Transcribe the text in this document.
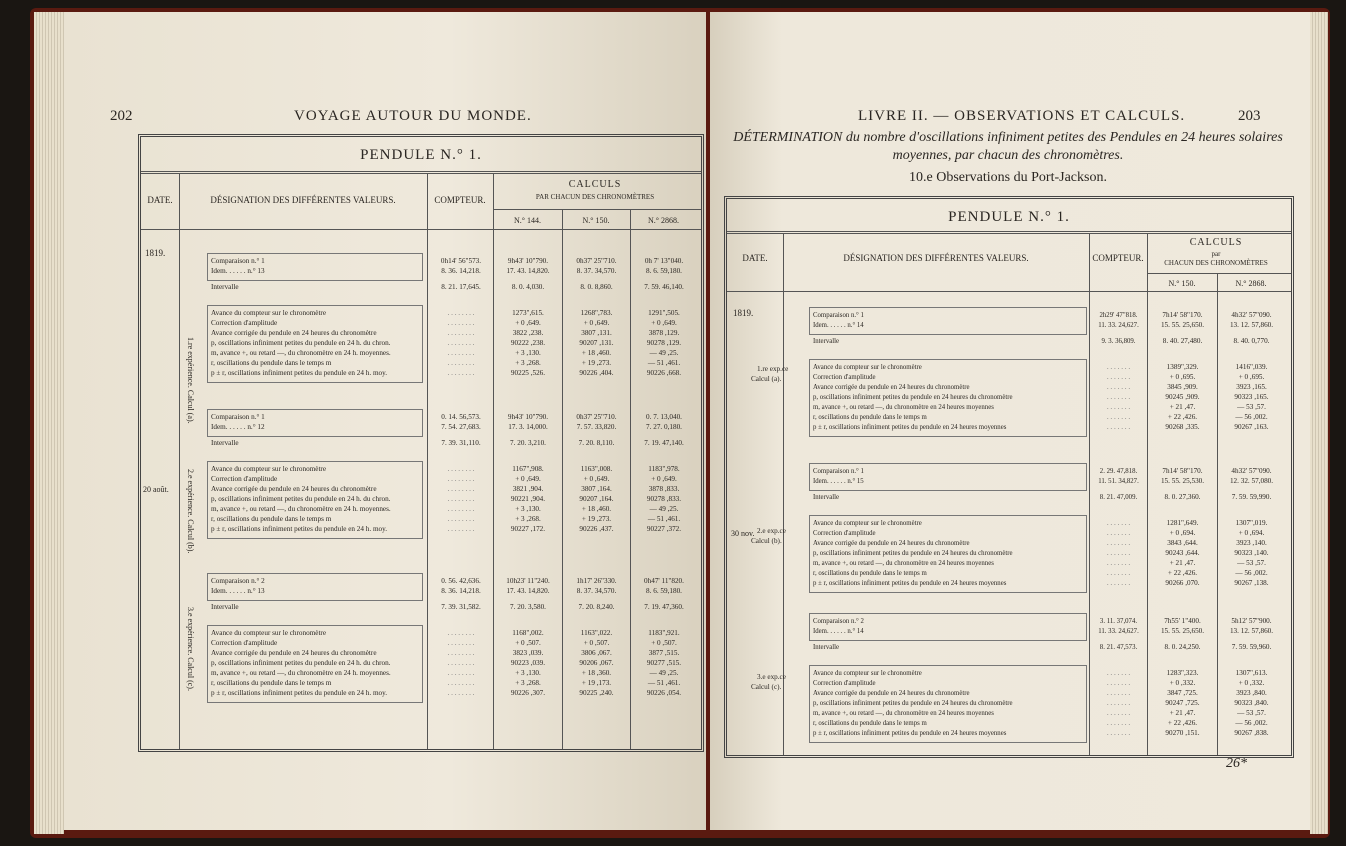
202	VOYAGE AUTOUR DU MONDE.
PENDULE N.° 1.
DATE.	DÉSIGNATION DES DIFFÉRENTES VALEURS.	COMPTEUR.
CALCULS
PAR CHACUN DES CHRONOMÈTRES
N.° 144.	N.° 150.	N.° 2868.
1819.
20 août.
1.re expérience. Calcul (a).
2.e expérience. Calcul (b).
3.e expérience. Calcul (c).
Comparaison n.° 1	0h14' 56"573.	9h43' 10"790.	0h37' 25"710.	0h 7' 13"040.
Idem. . . . . . n.° 13	8. 36. 14,218.	17. 43. 14,820.	8. 37. 34,570.	8. 6. 59,180.
Intervalle	8. 21. 17,645.	8. 0. 4,030.	8. 0. 8,860.	7. 59. 46,140.
Avance du compteur sur le chronomètre	. . . . . . . .	1273",615.	1268",783.	1291",505.
Correction d'amplitude	. . . . . . . .	+ 0 ,649.	+ 0 ,649.	+ 0 ,649.
Avance corrigée du pendule en 24 heures du chronomètre	. . . . . . . .	3822 ,238.	3807 ,131.	3878 ,129.
p, oscillations infiniment petites du pendule en 24 h. du chron.	. . . . . . . .	90222 ,238.	90207 ,131.	90278 ,129.
m, avance +, ou retard —, du chronomètre en 24 h. moyennes.	. . . . . . . .	+ 3 ,130.	+ 18 ,460.	— 49 ,25.
r, oscillations du pendule dans le temps m	. . . . . . . .	+ 3 ,268.	+ 19 ,273.	— 51 ,461.
p ± r, oscillations infiniment petites du pendule en 24 h. moy.	. . . . . . . .	90225 ,526.	90226 ,404.	90226 ,668.
Comparaison n.° 1	0. 14. 56,573.	9h43' 10"790.	0h37' 25"710.	0. 7. 13,040.
Idem. . . . . . n.° 12	7. 54. 27,683.	17. 3. 14,000.	7. 57. 33,820.	7. 27. 0,180.
Intervalle	7. 39. 31,110.	7. 20. 3,210.	7. 20. 8,110.	7. 19. 47,140.
Avance du compteur sur le chronomètre	. . . . . . . .	1167",908.	1163",008.	1183",978.
Correction d'amplitude	. . . . . . . .	+ 0 ,649.	+ 0 ,649.	+ 0 ,649.
Avance corrigée du pendule en 24 heures du chronomètre	. . . . . . . .	3821 ,904.	3807 ,164.	3878 ,833.
p, oscillations infiniment petites du pendule en 24 h. du chron.	. . . . . . . .	90221 ,904.	90207 ,164.	90278 ,833.
m, avance +, ou retard —, du chronomètre en 24 h. moyennes.	. . . . . . . .	+ 3 ,130.	+ 18 ,460.	— 49 ,25.
r, oscillations du pendule dans le temps m	. . . . . . . .	+ 3 ,268.	+ 19 ,273.	— 51 ,461.
p ± r, oscillations infiniment petites du pendule en 24 h. moy.	. . . . . . . .	90227 ,172.	90226 ,437.	90227 ,372.
Comparaison n.° 2	0. 56. 42,636.	10h23' 11"240.	1h17' 26"330.	0h47' 11"820.
Idem. . . . . . n.° 13	8. 36. 14,218.	17. 43. 14,820.	8. 37. 34,570.	8. 6. 59,180.
Intervalle	7. 39. 31,582.	7. 20. 3,580.	7. 20. 8,240.	7. 19. 47,360.
Avance du compteur sur le chronomètre	. . . . . . . .	1168",002.	1163",022.	1183",921.
Correction d'amplitude	. . . . . . . .	+ 0 ,507.	+ 0 ,507.	+ 0 ,507.
Avance corrigée du pendule en 24 heures du chronomètre	. . . . . . . .	3823 ,039.	3806 ,067.	3877 ,515.
p, oscillations infiniment petites du pendule en 24 h. du chron.	. . . . . . . .	90223 ,039.	90206 ,067.	90277 ,515.
m, avance +, ou retard —, du chronomètre en 24 h. moyennes.	. . . . . . . .	+ 3 ,130.	+ 18 ,360.	— 49 ,25.
r, oscillations du pendule dans le temps m	. . . . . . . .	+ 3 ,268.	+ 19 ,173.	— 51 ,461.
p ± r, oscillations infiniment petites du pendule en 24 h. moy.	. . . . . . . .	90226 ,307.	90225 ,240.	90226 ,054.
LIVRE II. — OBSERVATIONS ET CALCULS.	203
DÉTERMINATION du nombre d'oscillations infiniment petites des Pendules en 24 heures solaires
moyennes, par chacun des chronomètres.
10.e Observations du Port-Jackson.
PENDULE N.° 1.
DATE.	DÉSIGNATION DES DIFFÉRENTES VALEURS.	COMPTEUR.
CALCULS
par
CHACUN DES CHRONOMÈTRES
N.° 150.	N.° 2868.
1819.
30 nov.
1.re exp.ce
Calcul (a).
2.e exp.ce
Calcul (b).
3.e exp.ce
Calcul (c).
Comparaison n.° 1	2h29' 47"818.	7h14' 58"170.	4h32' 57"090.
Idem. . . . . . n.° 14	11. 33. 24,627.	15. 55. 25,650.	13. 12. 57,860.
Intervalle	9. 3. 36,809.	8. 40. 27,480.	8. 40. 0,770.
Avance du compteur sur le chronomètre	. . . . . . .	1389",329.	1416",039.
Correction d'amplitude	. . . . . . .	+ 0 ,695.	+ 0 ,695.
Avance corrigée du pendule en 24 heures du chronomètre	. . . . . . .	3845 ,909.	3923 ,165.
p, oscillations infiniment petites du pendule en 24 heures du chronomètre	. . . . . . .	90245 ,909.	90323 ,165.
m, avance +, ou retard —, du chronomètre en 24 heures moyennes	. . . . . . .	+ 21 ,47.	— 53 ,57.
r, oscillations du pendule dans le temps m	. . . . . . .	+ 22 ,426.	— 56 ,002.
p ± r, oscillations infiniment petites du pendule en 24 heures moyennes	. . . . . . .	90268 ,335.	90267 ,163.
Comparaison n.° 1	2. 29. 47,818.	7h14' 58"170.	4h32' 57"090.
Idem. . . . . . n.° 15	11. 51. 34,827.	15. 55. 25,530.	12. 32. 57,080.
Intervalle	8. 21. 47,009.	8. 0. 27,360.	7. 59. 59,990.
Avance du compteur sur le chronomètre	. . . . . . .	1281",649.	1307",019.
Correction d'amplitude	. . . . . . .	+ 0 ,694.	+ 0 ,694.
Avance corrigée du pendule en 24 heures du chronomètre	. . . . . . .	3843 ,644.	3923 ,140.
p, oscillations infiniment petites du pendule en 24 heures du chronomètre	. . . . . . .	90243 ,644.	90323 ,140.
m, avance +, ou retard —, du chronomètre en 24 heures moyennes	. . . . . . .	+ 21 ,47.	— 53 ,57.
r, oscillations du pendule dans le temps m	. . . . . . .	+ 22 ,426.	— 56 ,002.
p ± r, oscillations infiniment petites du pendule en 24 heures moyennes	. . . . . . .	90266 ,070.	90267 ,138.
Comparaison n.° 2	3. 11. 37,074.	7h55' 1"400.	5h12' 57"900.
Idem. . . . . . n.° 14	11. 33. 24,627.	15. 55. 25,650.	13. 12. 57,860.
Intervalle	8. 21. 47,573.	8. 0. 24,250.	7. 59. 59,960.
Avance du compteur sur le chronomètre	. . . . . . .	1283",323.	1307",613.
Correction d'amplitude	. . . . . . .	+ 0 ,332.	+ 0 ,332.
Avance corrigée du pendule en 24 heures du chronomètre	. . . . . . .	3847 ,725.	3923 ,840.
p, oscillations infiniment petites du pendule en 24 heures du chronomètre	. . . . . . .	90247 ,725.	90323 ,840.
m, avance +, ou retard —, du chronomètre en 24 heures moyennes	. . . . . . .	+ 21 ,47.	— 53 ,57.
r, oscillations du pendule dans le temps m	. . . . . . .	+ 22 ,426.	— 56 ,002.
p ± r, oscillations infiniment petites du pendule en 24 heures moyennes	. . . . . . .	90270 ,151.	90267 ,838.
26*
